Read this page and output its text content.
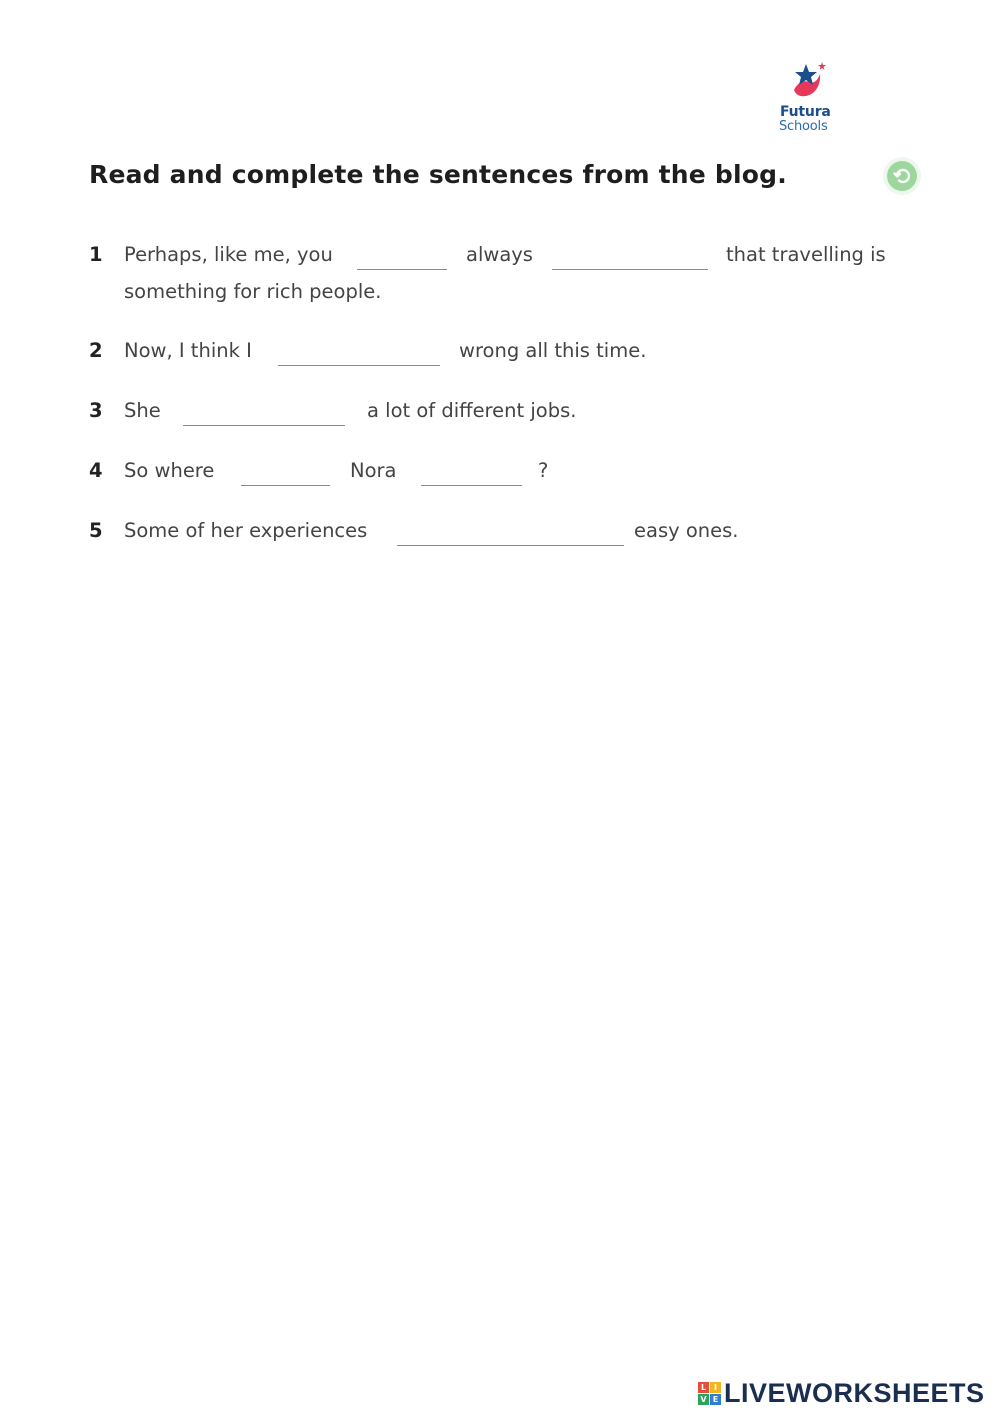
Futura
Schools
Read and complete the sentences from the blog.
1 Perhaps, like me, you	always	that travelling is
something for rich people.
2 Now, I think I	wrong all this time.
3 She	a lot of different jobs.
4 So where	Nora	?
5 Some of her experiences	easy ones.
L I
V E LIVEWORKSHEETS
